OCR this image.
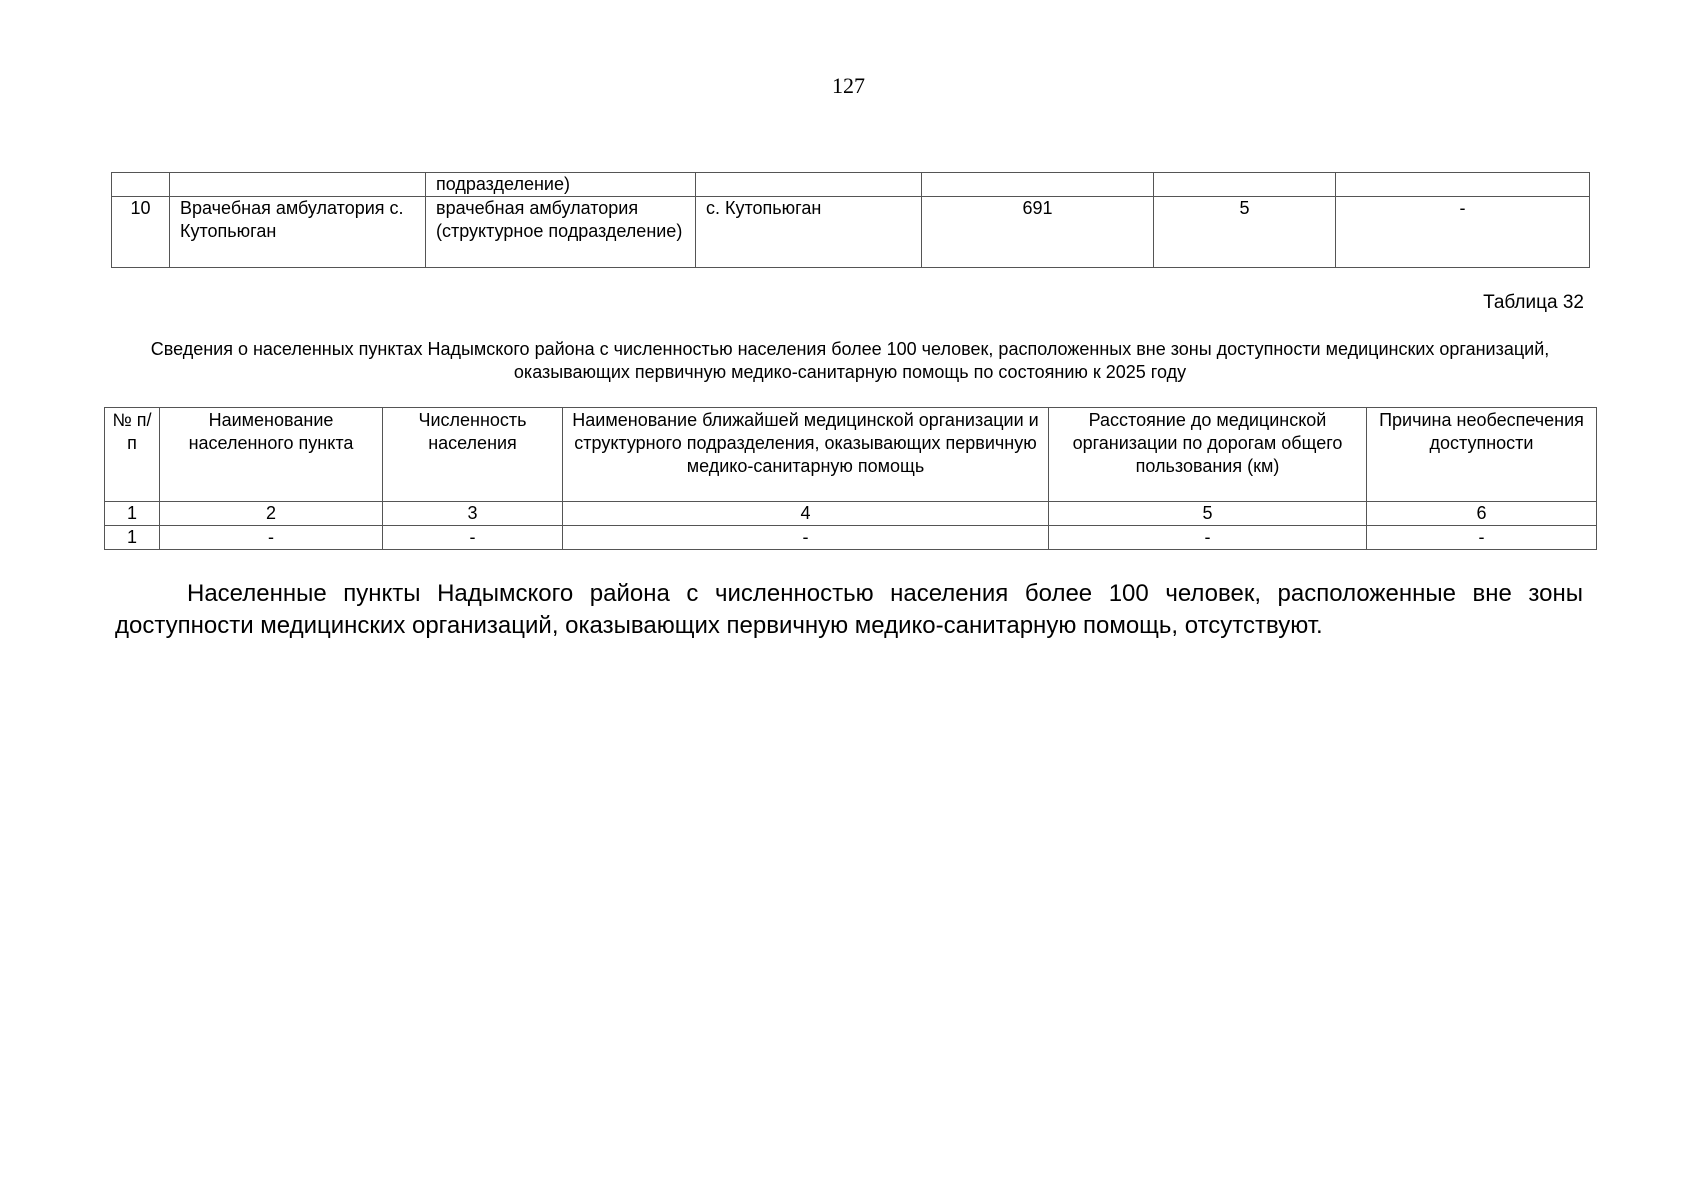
127
		подразделение)				
10	Врачебная амбулатория с. Кутопьюган	врачебная амбулатория (структурное подразделение)	с. Кутопьюган	691	5	-
Таблица 32
Сведения о населенных пунктах Надымского района с численностью населения более 100 человек, расположенных вне зоны доступности медицинских организаций, оказывающих первичную медико-санитарную помощь по состоянию к 2025 году
№ п/п	Наименование населенного пункта	Численность населения	Наименование ближайшей медицинской организации и структурного подразделения, оказывающих первичную медико-санитарную помощь	Расстояние до медицинской организации по дорогам общего пользования (км)	Причина необеспечения доступности
1	2	3	4	5	6
1	-	-	-	-	-

Населенные пункты Надымского района с численностью населения более 100 человек, расположенные вне зоны доступности медицинских организаций, оказывающих первичную медико-санитарную помощь, отсутствуют.
